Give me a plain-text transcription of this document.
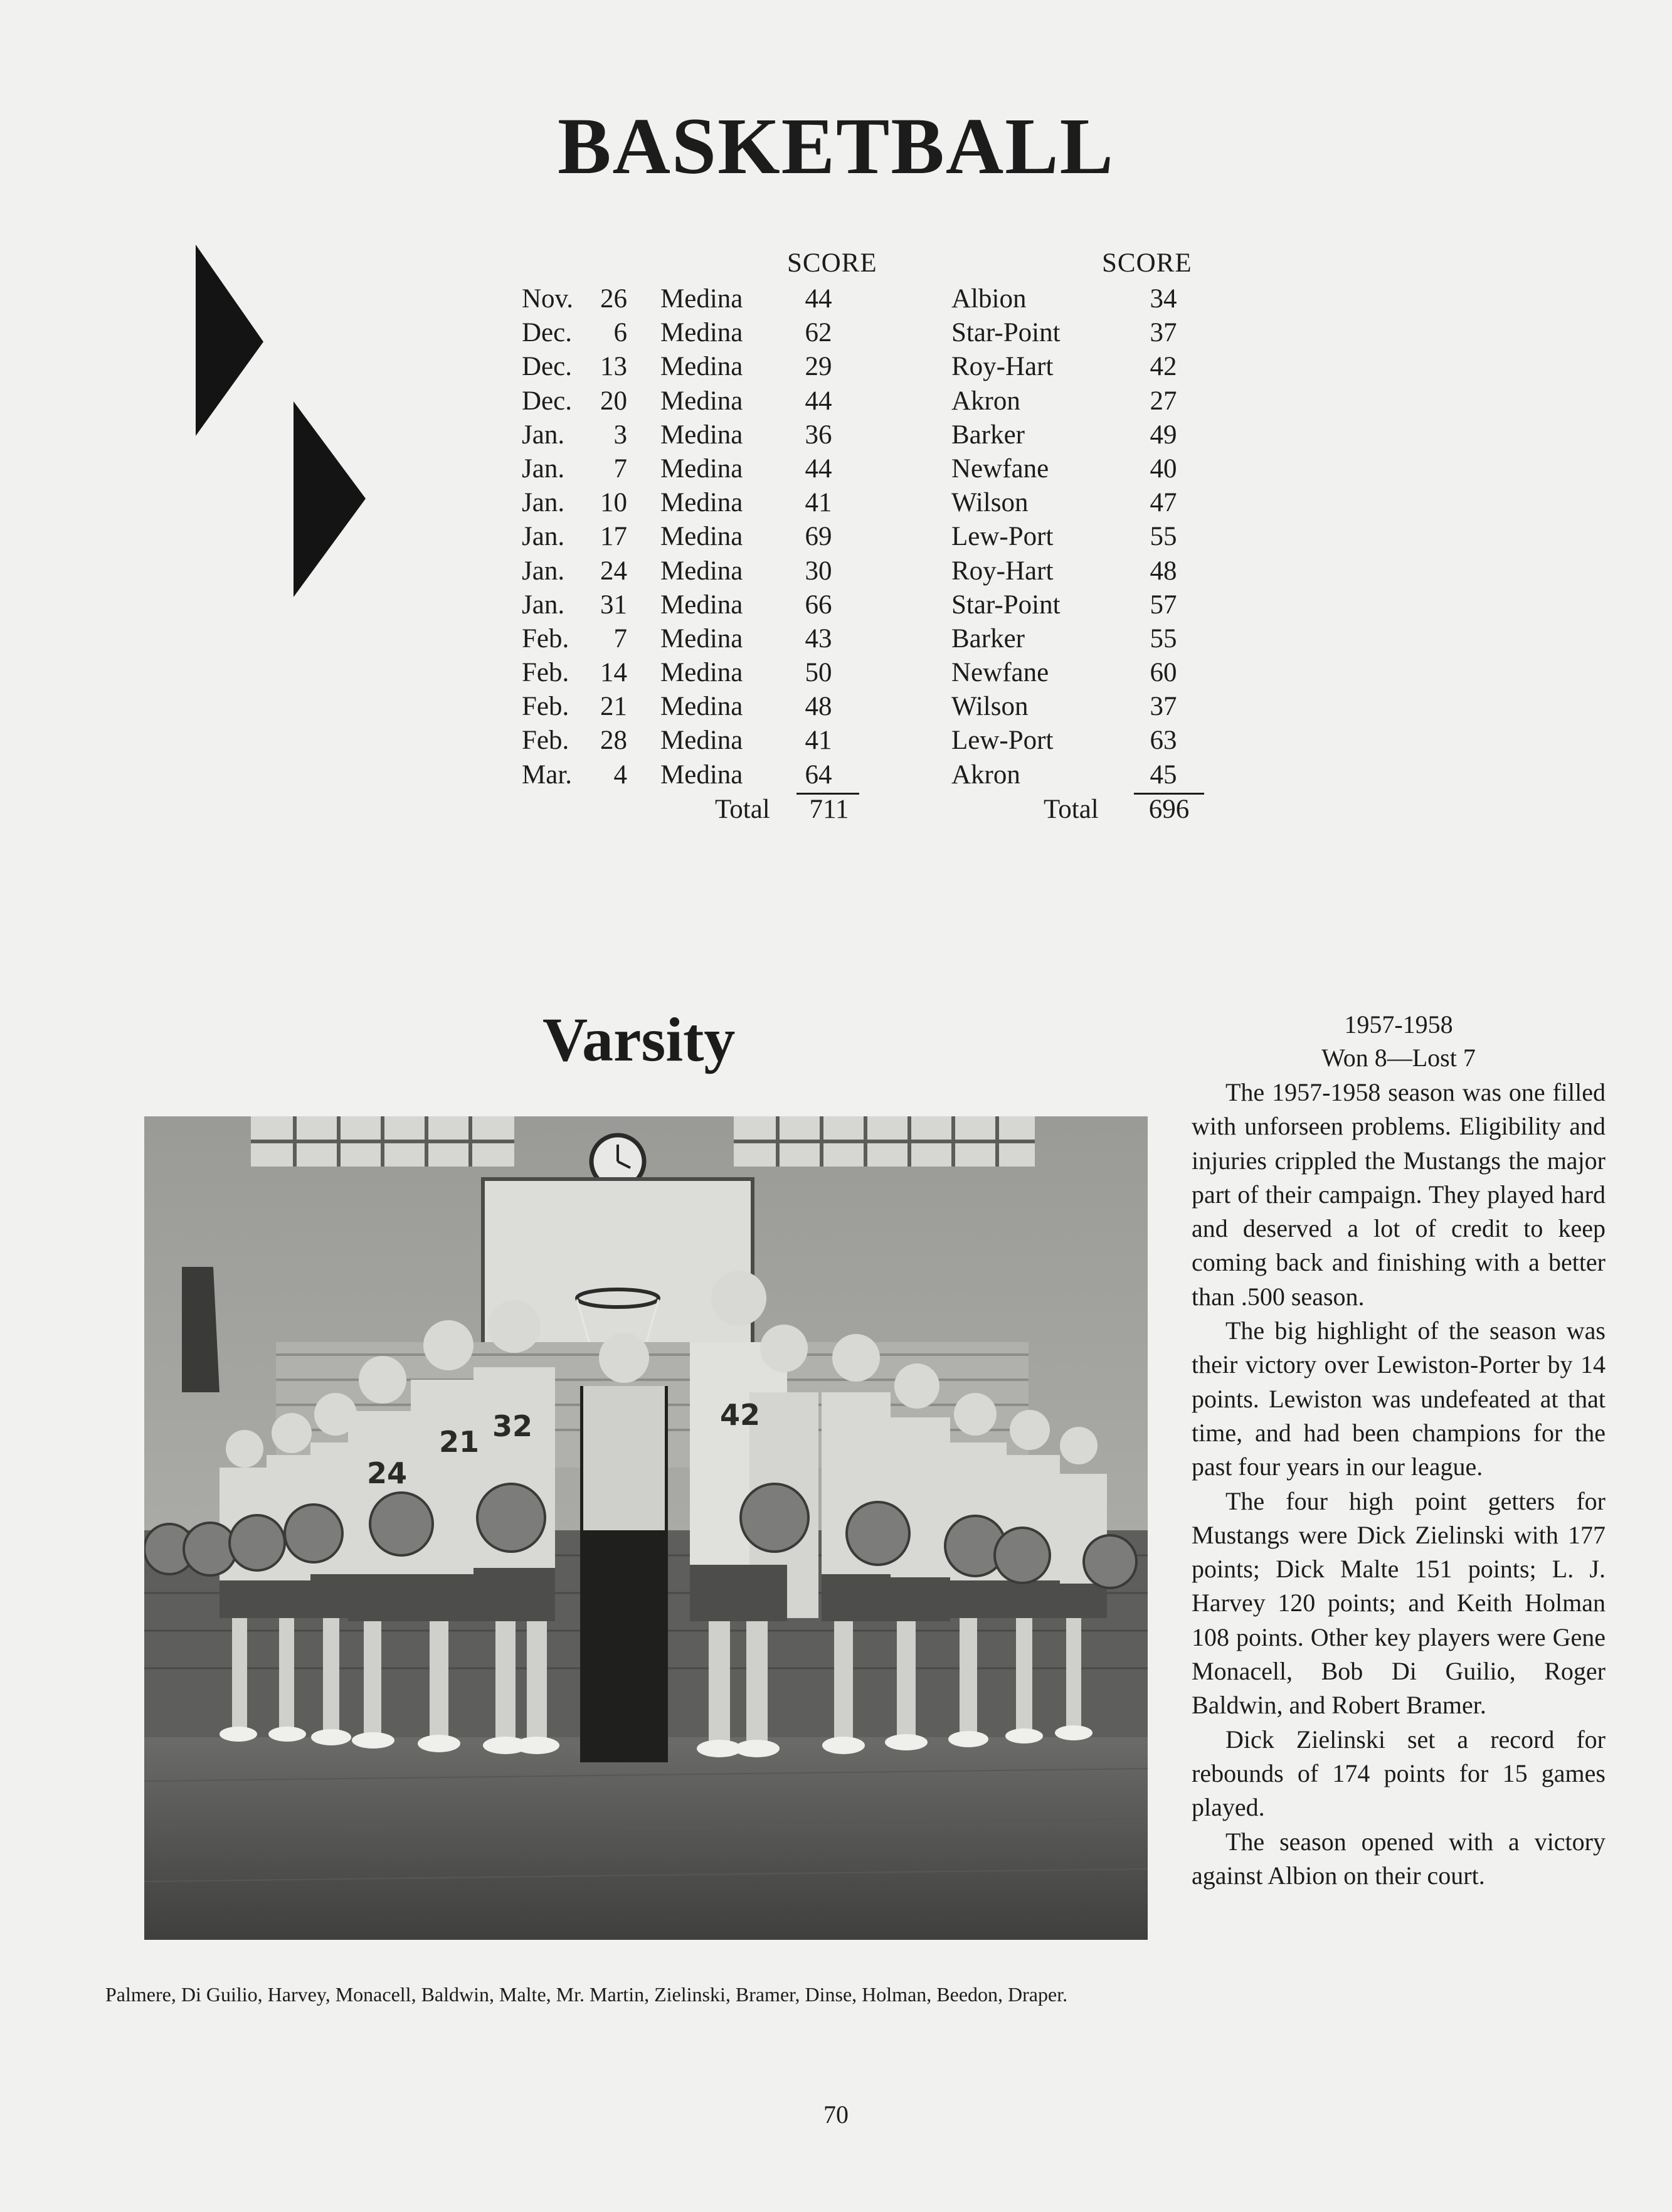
BASKETBALL
SCORE	SCORE
Nov. 26 Medina	44	Albion	34
Dec.	6 Medina	62	Star-Point	37
Dec.	13 Medina	29	Roy-Hart	42
Dec.	20 Medina	44	Akron	27
Jan.	3 Medina	36	Barker	49
Jan.	7 Medina	44	Newfane	40
Jan.	10 Medina	41	Wilson	47
Jan.	17 Medina	69	Lew-Port	55
Jan.	24 Medina	30	Roy-Hart	48
Jan.	31 Medina	66	Star-Point	57
Feb.	7 Medina	43	Barker	55
Feb.	14 Medina	50	Newfane	60
Feb.	21 Medina	48	Wilson	37
Feb.	28 Medina	41	Lew-Port	63
Mar.	4 Medina	64	Akron	45
Total	711	Total	696
Varsity
24
21 32	42
Palmere, Di Guilio, Harvey, Monacell, Baldwin, Malte, Mr. Martin, Zielinski, Bramer, Dinse, Holman, Beedon, Draper.
1957-1958
Won 8—Lost 7

The 1957-1958 season was one filled with unforseen problems. Eligibility and injuries crippled the Mustangs the major part of their campaign. They played hard and deserved a lot of credit to keep coming back and finishing with a better than .500 season.

The big highlight of the season was their victory over Lewiston-Porter by 14 points. Lewiston was undefeated at that time, and had been champions for the past four years in our league.

The four high point getters for Mustangs were Dick Zielinski with 177 points; Dick Malte 151 points; L. J. Harvey 120 points; and Keith Holman 108 points. Other key players were Gene Monacell, Bob Di Guilio, Roger Baldwin, and Robert Bramer.

Dick Zielinski set a record for rebounds of 174 points for 15 games played.

The season opened with a victory against Albion on their court.

70
